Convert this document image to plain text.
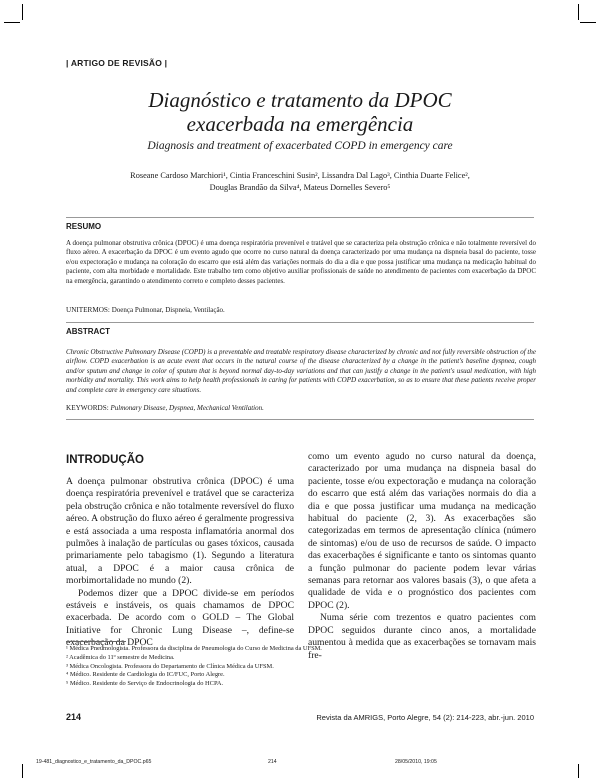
| ARTIGO DE REVISÃO |
Diagnóstico e tratamento da DPOC
exacerbada na emergência
Diagnosis and treatment of exacerbated COPD in emergency care
Roseane Cardoso Marchiori¹, Cintia Franceschini Susin², Lissandra Dal Lago³, Cinthia Duarte Felice²,
Douglas Brandão da Silva⁴, Mateus Dornelles Severo⁵
RESUMO
A doença pulmonar obstrutiva crônica (DPOC) é uma doença respiratória prevenível e tratável que se caracteriza pela obstrução crônica e não totalmente reversível do fluxo aéreo. A exacerbação da DPOC é um evento agudo que ocorre no curso natural da doença caracterizado por uma mudança na dispneia basal do paciente, tosse e/ou expectoração e mudança na coloração do escarro que está além das variações normais do dia a dia e que possa justificar uma mudança na medicação habitual do paciente, com alta morbidade e mortalidade. Este trabalho tem como objetivo auxiliar profissionais de saúde no atendimento de pacientes com exacerbação da DPOC na emergência, garantindo o atendimento correto e completo desses pacientes.
UNITERMOS: Doença Pulmonar, Dispneia, Ventilação.
ABSTRACT
Chronic Obstructive Pulmonary Disease (COPD) is a preventable and treatable respiratory disease characterized by chronic and not fully reversible obstruction of the airflow. COPD exacerbation is an acute event that occurs in the natural course of the disease characterized by a change in the patient's baseline dyspnea, cough and/or sputum and change in color of sputum that is beyond normal day-to-day variations and that can justify a change in the patient's usual medication, with high morbidity and mortality. This work aims to help health professionals in caring for patients with COPD exacerbation, so as to ensure that these patients receive proper and complete care in emergency care situations.
KEYWORDS: Pulmonary Disease, Dyspnea, Mechanical Ventilation.
INTRODUÇÃO

A doença pulmonar obstrutiva crônica (DPOC) é uma doença respiratória prevenível e tratável que se caracteriza pela obstrução crônica e não totalmente reversível do fluxo aéreo. A obstrução do fluxo aéreo é geralmente progressiva e está associada a uma resposta inflamatória anormal dos pulmões à inalação de partículas ou gases tóxicos, causada primariamente pelo tabagismo (1). Segundo a literatura atual, a DPOC é a maior causa crônica de morbimortalidade no mundo (2).

Podemos dizer que a DPOC divide-se em períodos estáveis e instáveis, os quais chamamos de DPOC exacerbada. De acordo com o GOLD – The Global Initiative for Chronic Lung Disease –, define-se exacerbação da DPOC

como um evento agudo no curso natural da doença, caracterizado por uma mudança na dispneia basal do paciente, tosse e/ou expectoração e mudança na coloração do escarro que está além das variações normais do dia a dia e que possa justificar uma mudança na medicação habitual do paciente (2, 3). As exacerbações são categorizadas em termos de apresentação clínica (número de sintomas) e/ou de uso de recursos de saúde. O impacto das exacerbações é significante e tanto os sintomas quanto a função pulmonar do paciente podem levar várias semanas para retornar aos valores basais (3), o que afeta a qualidade de vida e o prognóstico dos pacientes com DPOC (2).

Numa série com trezentos e quatro pacientes com DPOC seguidos durante cinco anos, a mortalidade aumentou à medida que as exacerbações se tornavam mais fre-

¹ Médica Pneumologista. Professora da disciplina de Pneumologia do Curso de Medicina da UFSM.
² Acadêmica do 11º semestre de Medicina.
³ Médica Oncologista. Professora do Departamento de Clínica Médica da UFSM.
⁴ Médico. Residente de Cardiologia do IC/FUC, Porto Alegre.
⁵ Médico. Residente do Serviço de Endocrinologia do HCPA.
214	Revista da AMRIGS, Porto Alegre, 54 (2): 214-223, abr.-jun. 2010
19-481_diagnostico_e_tratamento_da_DPOC.p65	214	28/05/2010, 19:05
